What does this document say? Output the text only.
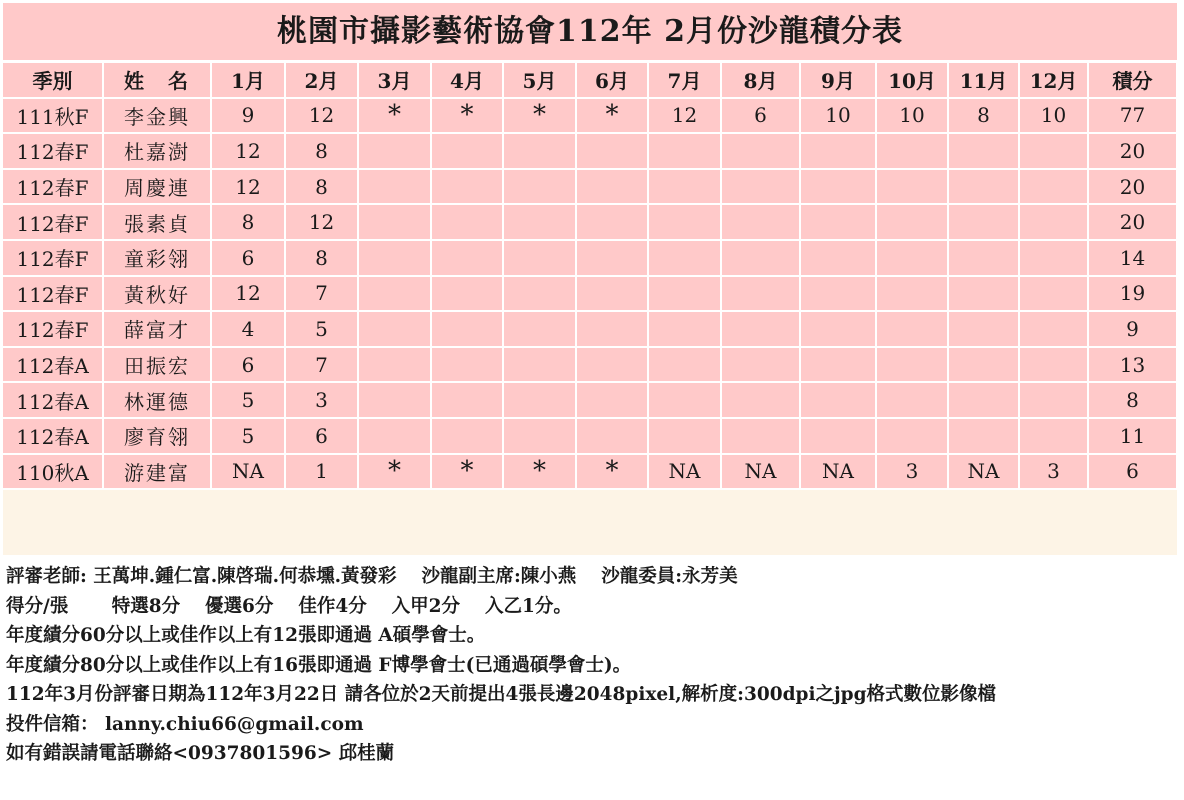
桃園市攝影藝術協會112年 2月份沙龍積分表
季別	姓　名	1月	2月	3月	4月	5月	6月	7月	8月	9月	10月	11月	12月	積分
111秋F	李金興	9	12	*	*	*	*	12	6	10	10	8	10	77
112春F	杜嘉澍	12	8											20
112春F	周慶連	12	8											20
112春F	張素貞	8	12											20
112春F	童彩翎	6	8											14
112春F	黃秋好	12	7											19
112春F	薛富才	4	5											9
112春A	田振宏	6	7											13
112春A	林運德	5	3											8
112春A	廖育翎	5	6											11
110秋A	游建富	NA	1	*	*	*	*	NA	NA	NA	3	NA	3	6
評審老師: 王萬坤.鍾仁富.陳啓瑞.何恭壎.黃發彩　 沙龍副主席:陳小燕　 沙龍委員:永芳美
得分/張　　 特選8分　 優選6分　 佳作4分　 入甲2分　 入乙1分。
年度績分60分以上或佳作以上有12張即通過 A碩學會士。
年度績分80分以上或佳作以上有16張即通過 F博學會士(已通過碩學會士)。
112年3月份評審日期為112年3月22日 請各位於2天前提出4張長邊2048pixel,解析度:300dpi之jpg格式數位影像檔
投件信箱： lanny.chiu66@gmail.com
如有錯誤請電話聯絡<0937801596> 邱桂蘭
